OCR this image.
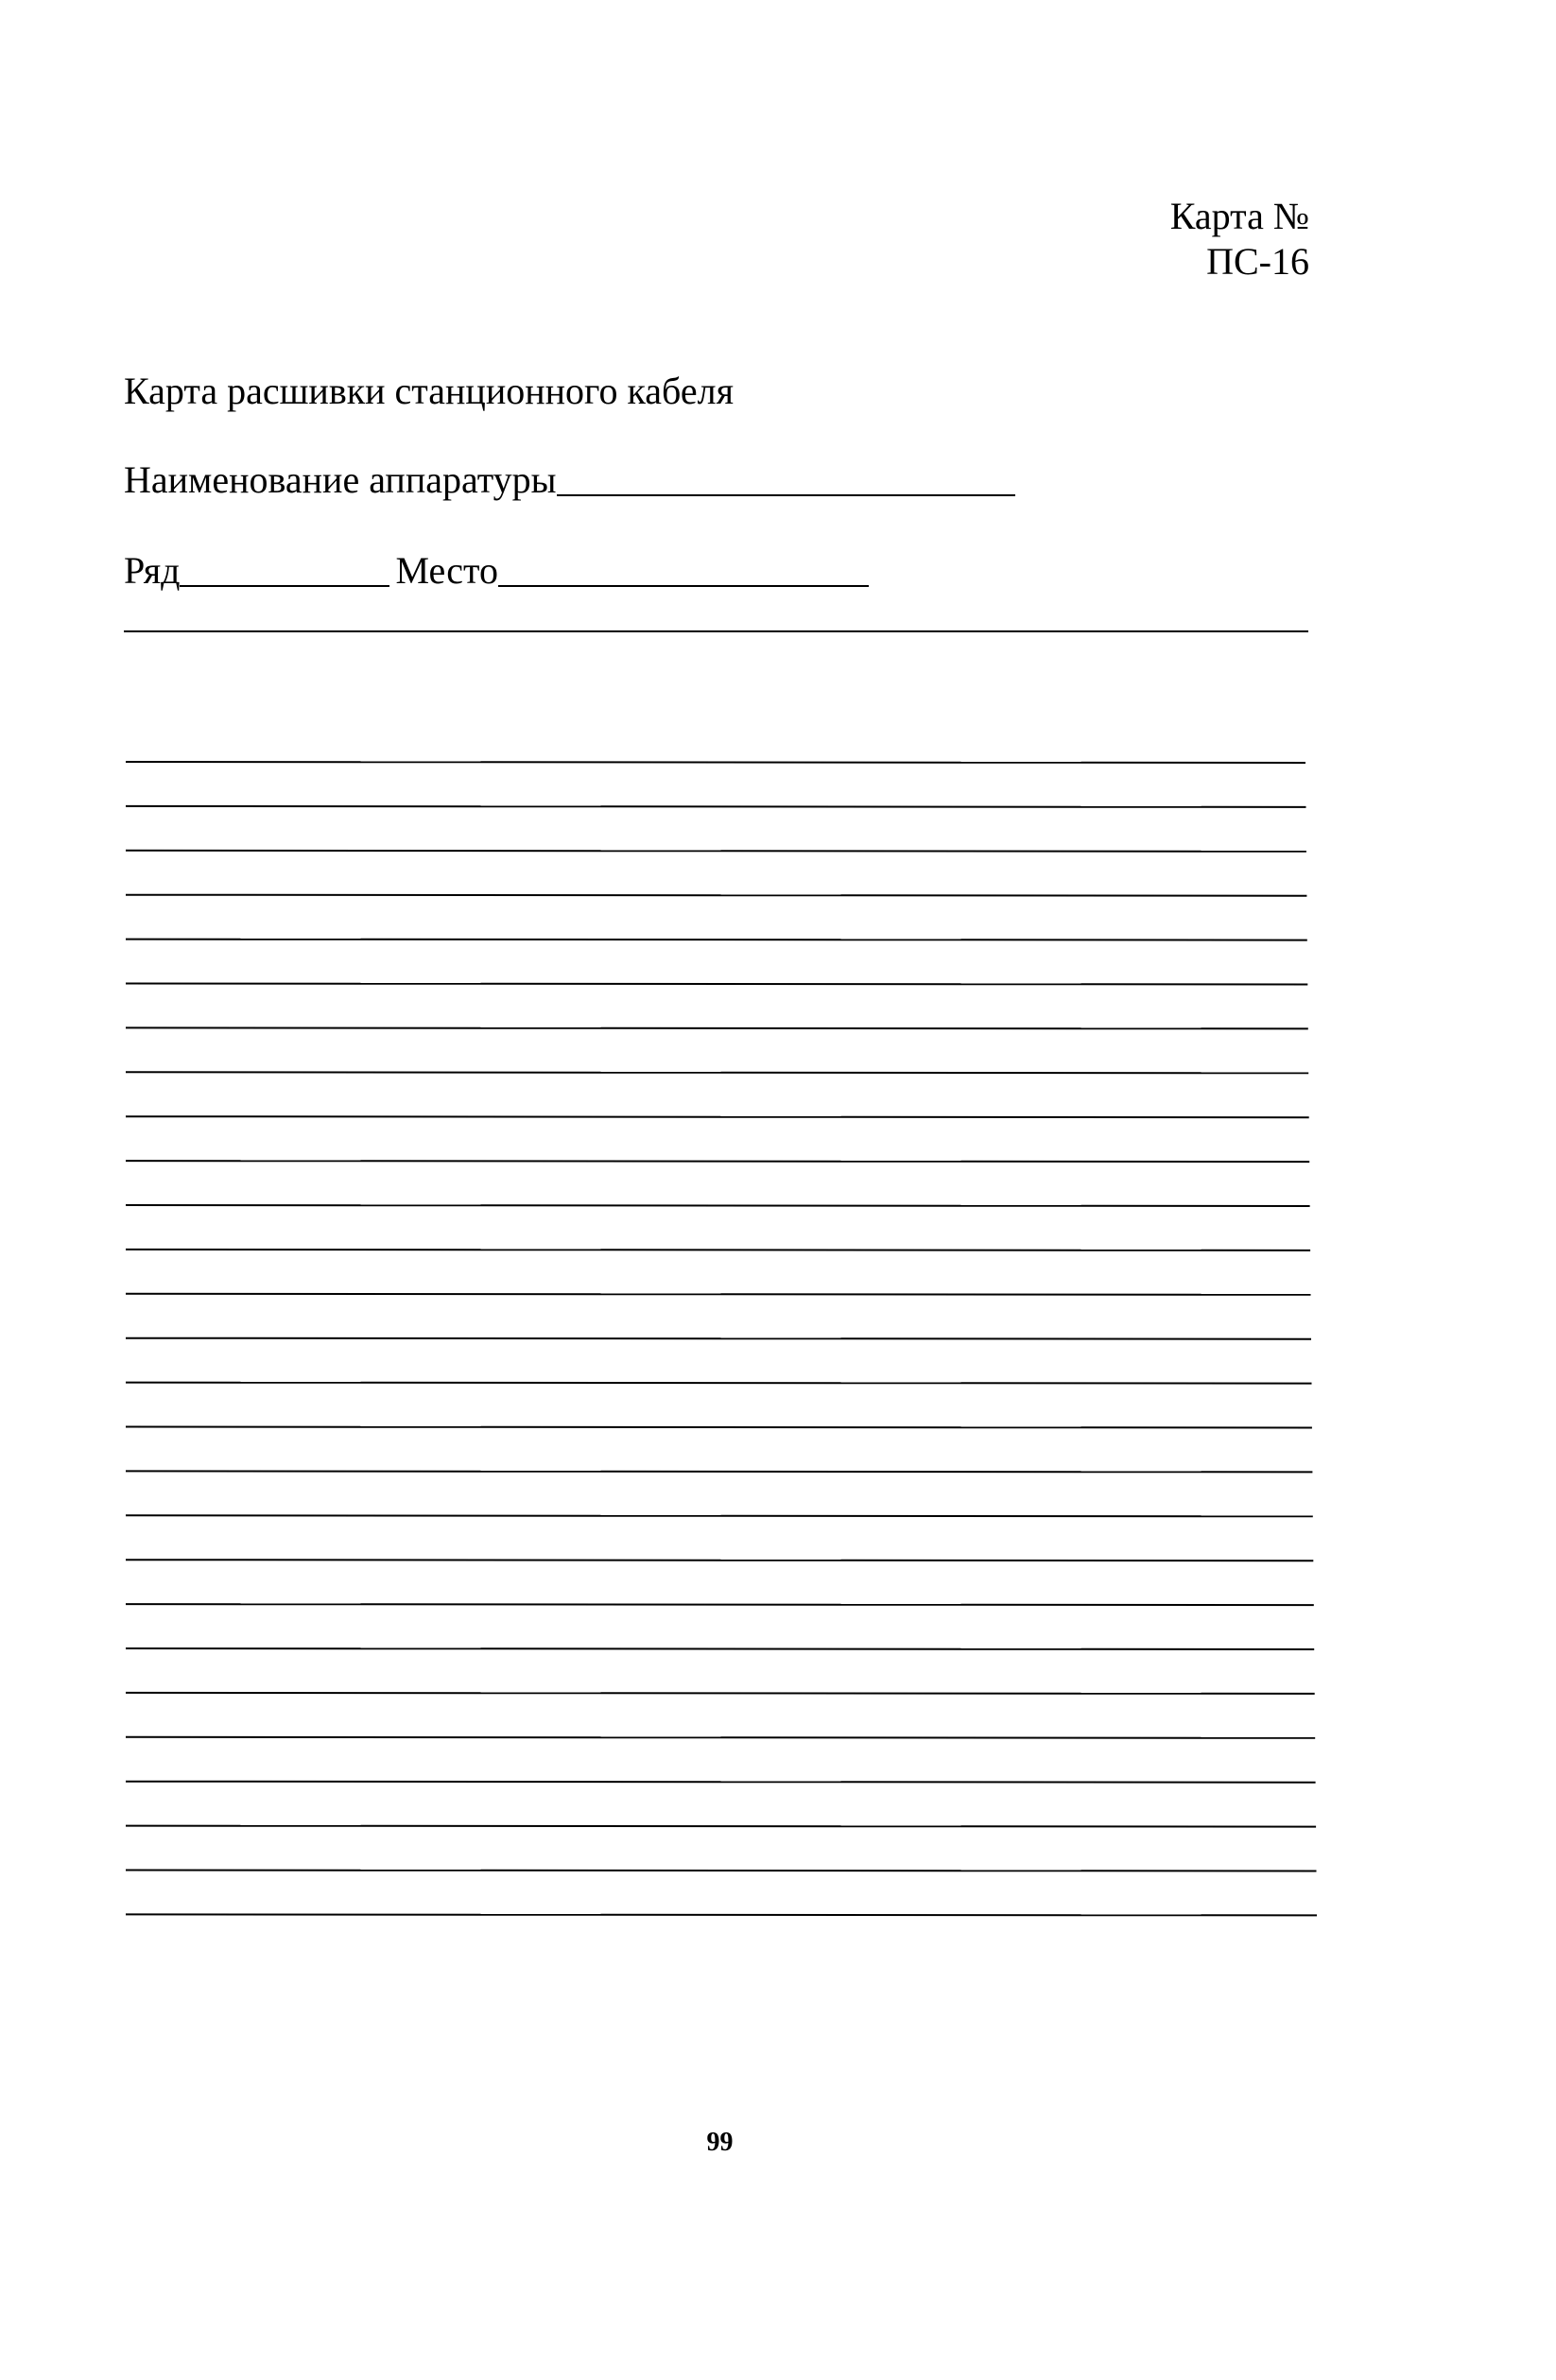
Карта №
ПС-16
Карта расшивки станционного кабеля
Наименование аппаратуры
Ряд	Место
99
